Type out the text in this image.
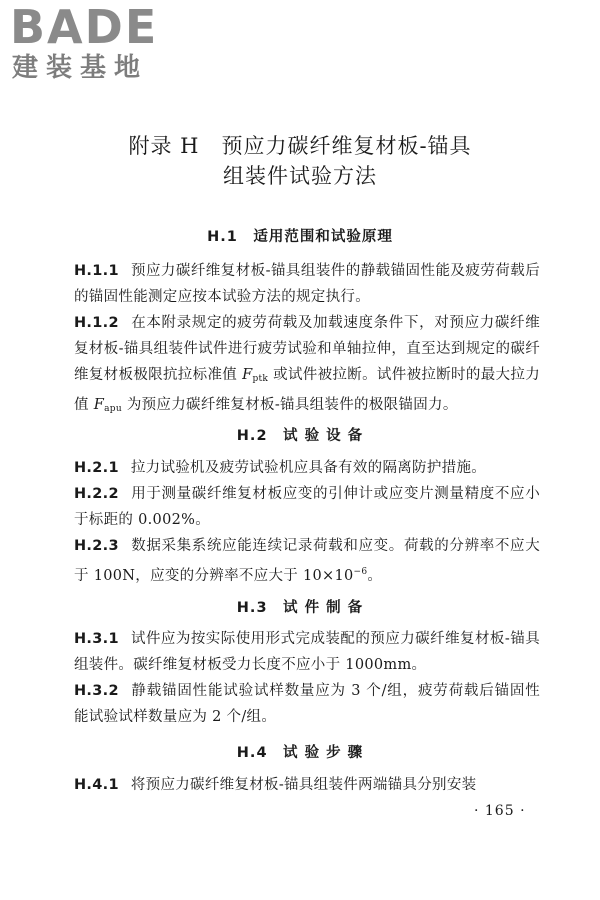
BADE
建装基地
附录 H　预应力碳纤维复材板-锚具
组装件试验方法
H.1　适用范围和试验原理

H.1.1 预应力碳纤维复材板-锚具组装件的静载锚固性能及疲劳荷载后的锚固性能测定应按本试验方法的规定执行。

H.1.2 在本附录规定的疲劳荷载及加载速度条件下，对预应力碳纤维复材板-锚具组装件试件进行疲劳试验和单轴拉伸，直至达到规定的碳纤维复材板极限抗拉标准值 $F_{ptk}$ 或试件被拉断。试件被拉断时的最大拉力值 $F_{apu}$ 为预应力碳纤维复材板-锚具组装件的极限锚固力。

H.2　试 验 设 备

H.2.1 拉力试验机及疲劳试验机应具备有效的隔离防护措施。

H.2.2 用于测量碳纤维复材板应变的引伸计或应变片测量精度不应小于标距的 0.002%。

H.2.3 数据采集系统应能连续记录荷载和应变。荷载的分辨率不应大于 100N，应变的分辨率不应大于 $10\times 10^{-6}$。

H.3　试 件 制 备

H.3.1 试件应为按实际使用形式完成装配的预应力碳纤维复材板-锚具组装件。碳纤维复材板受力长度不应小于 1000mm。

H.3.2 静载锚固性能试验试样数量应为 3 个/组，疲劳荷载后锚固性能试验试样数量应为 2 个/组。

H.4　试 验 步 骤

H.4.1 将预应力碳纤维复材板-锚具组装件两端锚具分别安装

· 165 ·
